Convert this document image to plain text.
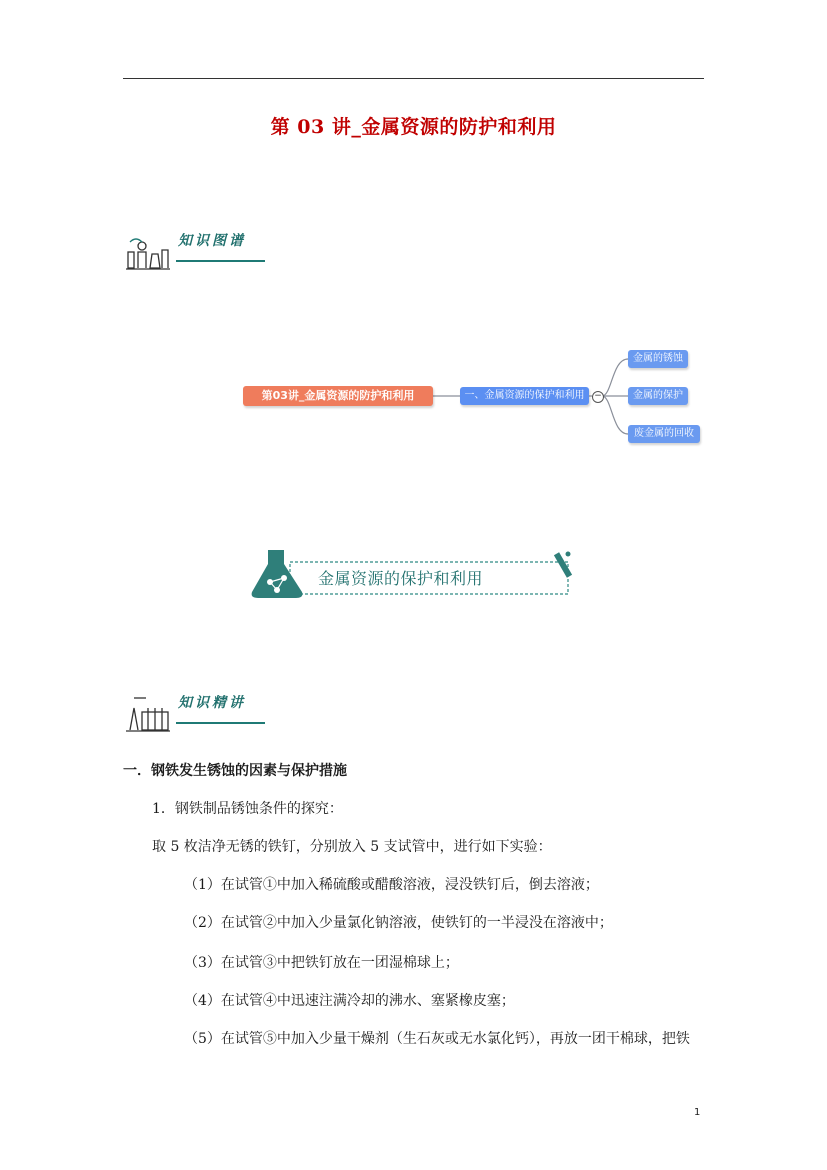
第 03 讲_金属资源的防护和利用
知识图谱
第03讲_金属资源的防护和利用	一、金属资源的保护和利用	−
金属的锈蚀
金属的保护
废金属的回收
金属资源的保护和利用
知识精讲
一．钢铁发生锈蚀的因素与保护措施
1．钢铁制品锈蚀条件的探究：
取 5 枚洁净无锈的铁钉，分别放入 5 支试管中，进行如下实验：
（1）在试管①中加入稀硫酸或醋酸溶液，浸没铁钉后，倒去溶液；
（2）在试管②中加入少量氯化钠溶液，使铁钉的一半浸没在溶液中；
（3）在试管③中把铁钉放在一团湿棉球上；
（4）在试管④中迅速注满冷却的沸水、塞紧橡皮塞；
（5）在试管⑤中加入少量干燥剂（生石灰或无水氯化钙），再放一团干棉球，把铁
1
